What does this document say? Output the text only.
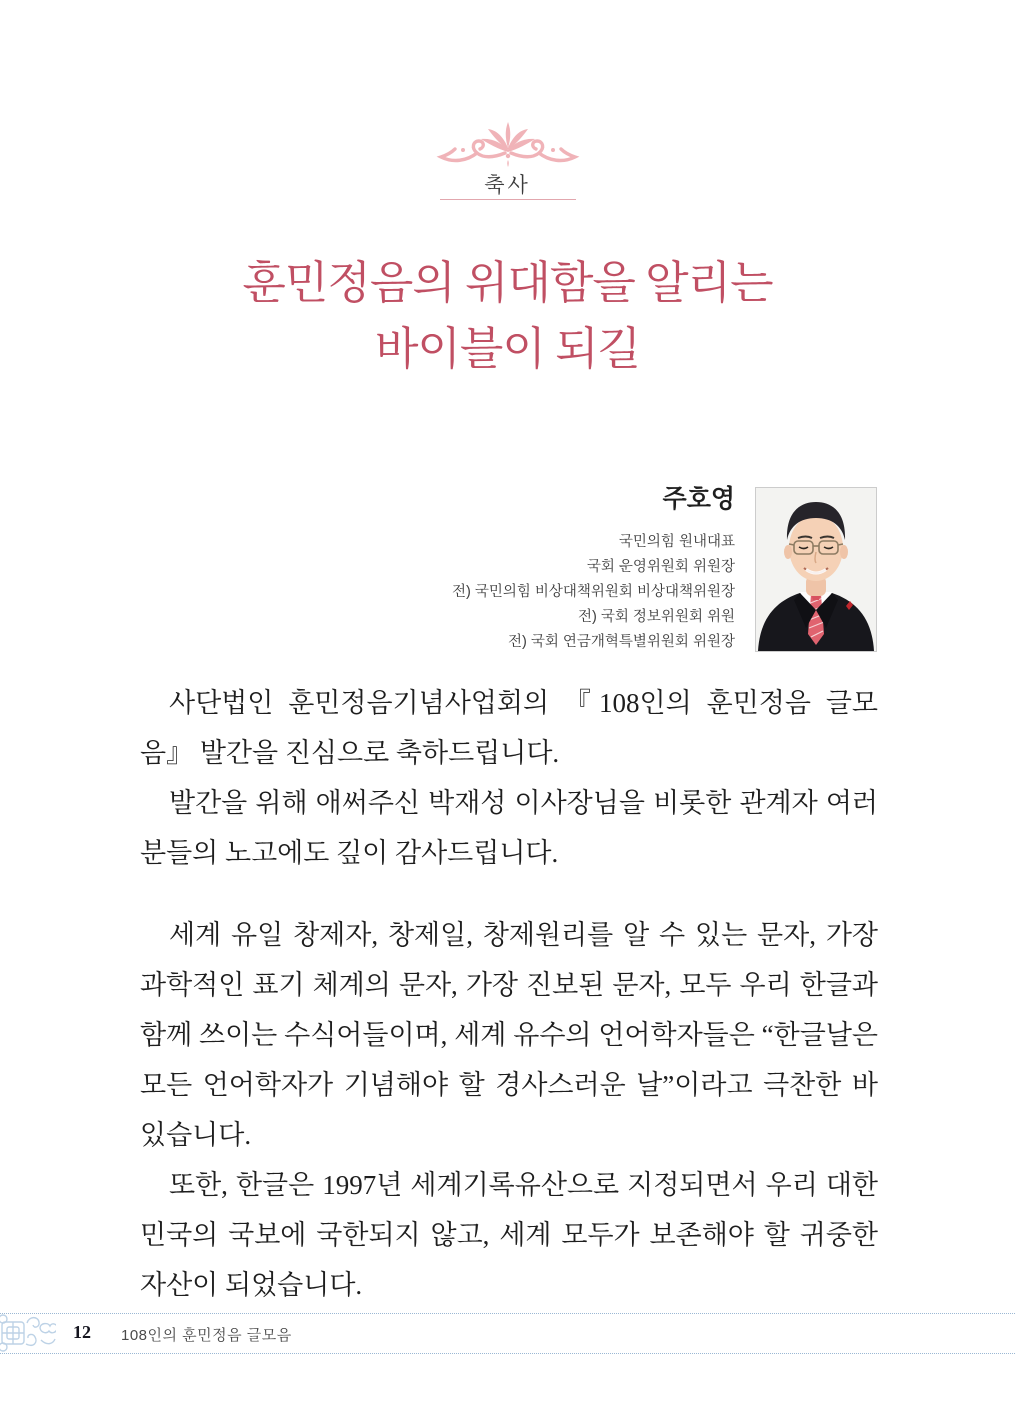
축사
훈민정음의 위대함을 알리는
바이블이 되길
주호영
국민의힘 원내대표
국회 운영위원회 위원장
전) 국민의힘 비상대책위원회 비상대책위원장
전) 국회 정보위원회 위원
전) 국회 연금개혁특별위원회 위원장

사단법인 훈민정음기념사업회의 『108인의 훈민정음 글모음』 발간을 진심으로 축하드립니다.

발간을 위해 애써주신 박재성 이사장님을 비롯한 관계자 여러분들의 노고에도 깊이 감사드립니다.

세계 유일 창제자, 창제일, 창제원리를 알 수 있는 문자, 가장 과학적인 표기 체계의 문자, 가장 진보된 문자, 모두 우리 한글과 함께 쓰이는 수식어들이며, 세계 유수의 언어학자들은 “한글날은 모든 언어학자가 기념해야 할 경사스러운 날”이라고 극찬한 바 있습니다.

또한, 한글은 1997년 세계기록유산으로 지정되면서 우리 대한민국의 국보에 국한되지 않고, 세계 모두가 보존해야 할 귀중한 자산이 되었습니다.

12 108인의 훈민정음 글모음
